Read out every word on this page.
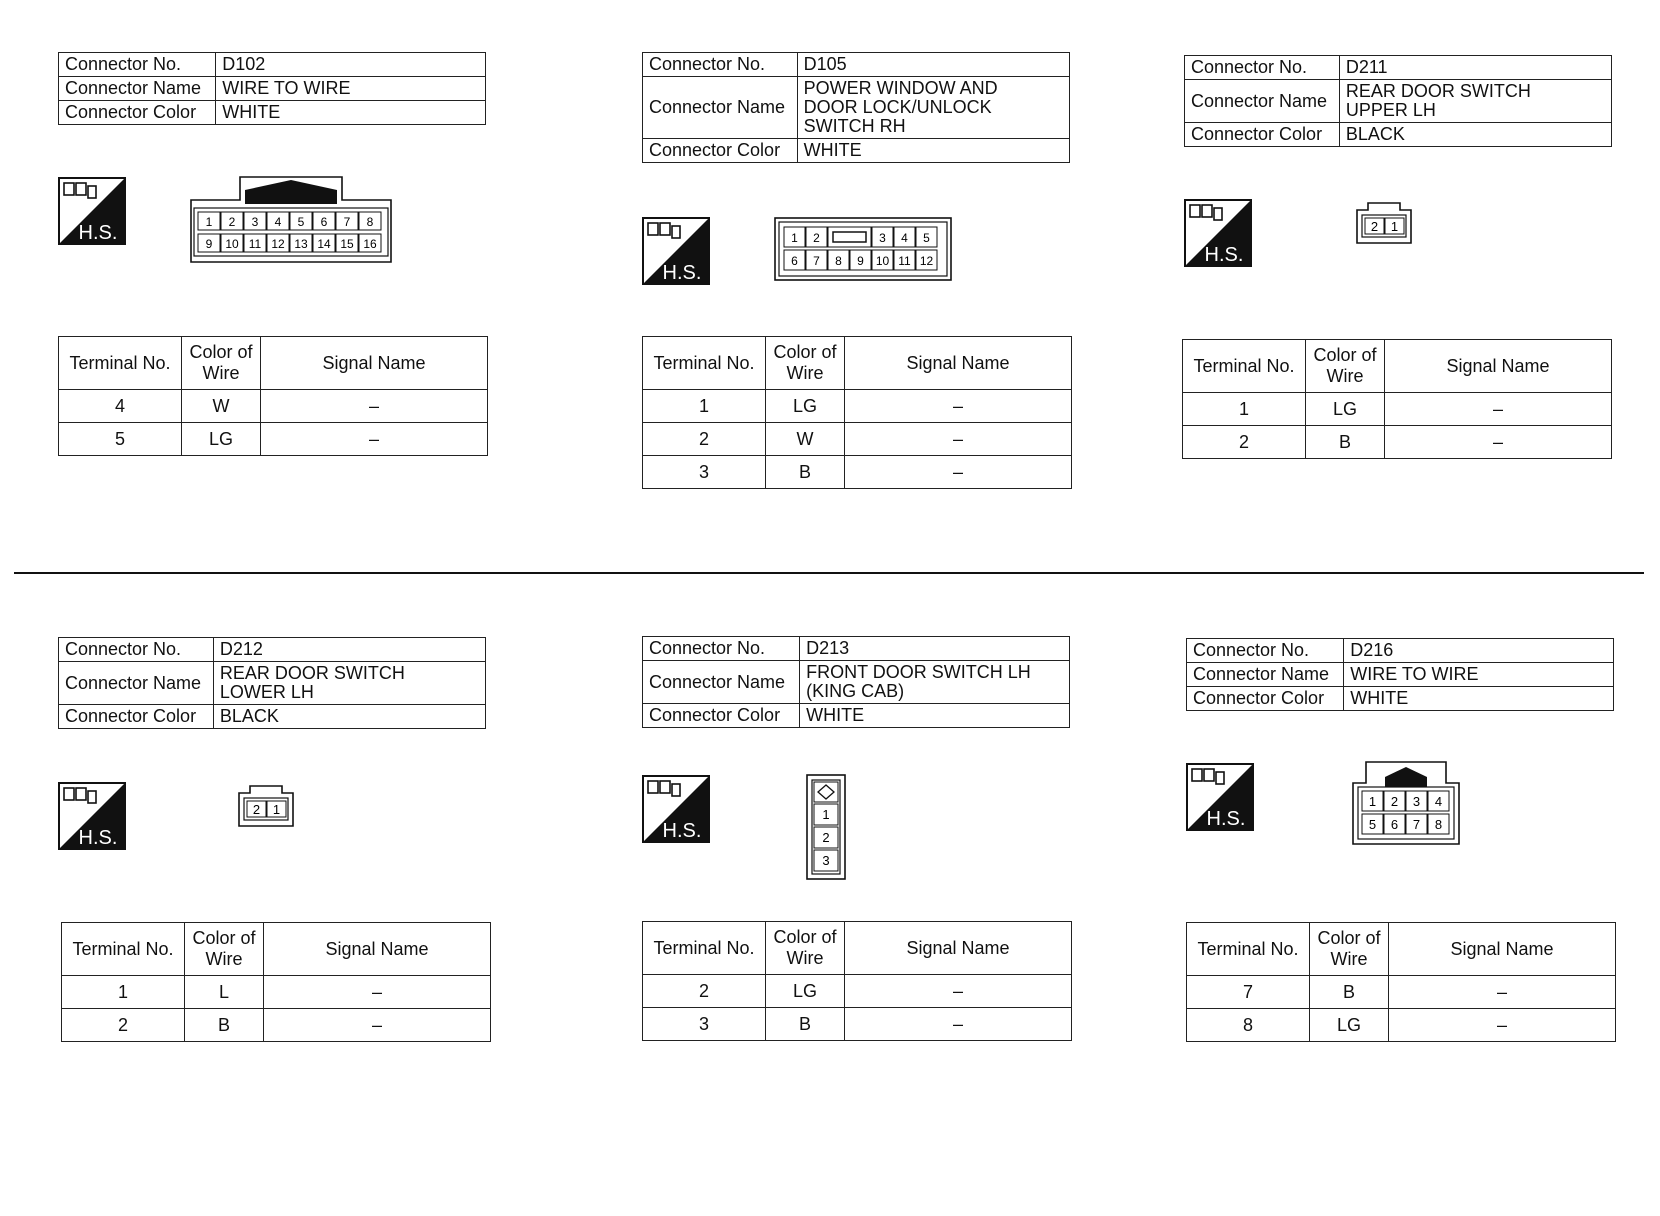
Connector No.	D102
Connector Name	WIRE TO WIRE
Connector Color	WHITE
H.S.	1 2 3 4 5 6 7 8
9 10 11 12 13 14 15 16
Terminal No.	Color of Wire	Signal Name
4	W	–
5	LG	–
Connector No.	D105
Connector Name	POWER WINDOW AND DOOR LOCK/UNLOCK SWITCH RH
Connector Color	WHITE
H.S.
1 2	3 4 5
6 7 8 9 10 11 12
Terminal No.	Color of Wire	Signal Name
1	LG	–
2	W	–
3	B	–
Connector No.	D211
Connector Name	REAR DOOR SWITCH UPPER LH
Connector Color	BLACK
H.S.
2 1
Terminal No.	Color of Wire	Signal Name
1	LG	–
2	B	–
Connector No.	D212
Connector Name	REAR DOOR SWITCH LOWER LH
Connector Color	BLACK
H.S.
2 1
Terminal No.	Color of Wire	Signal Name
1	L	–
2	B	–
Connector No.	D213
Connector Name	FRONT DOOR SWITCH LH (KING CAB)
Connector Color	WHITE
H.S.
1
2
3
Terminal No.	Color of Wire	Signal Name
2	LG	–
3	B	–
Connector No.	D216
Connector Name	WIRE TO WIRE
Connector Color	WHITE
H.S.
1 2 3 4
5 6 7 8
Terminal No.	Color of Wire	Signal Name
7	B	–
8	LG	–
